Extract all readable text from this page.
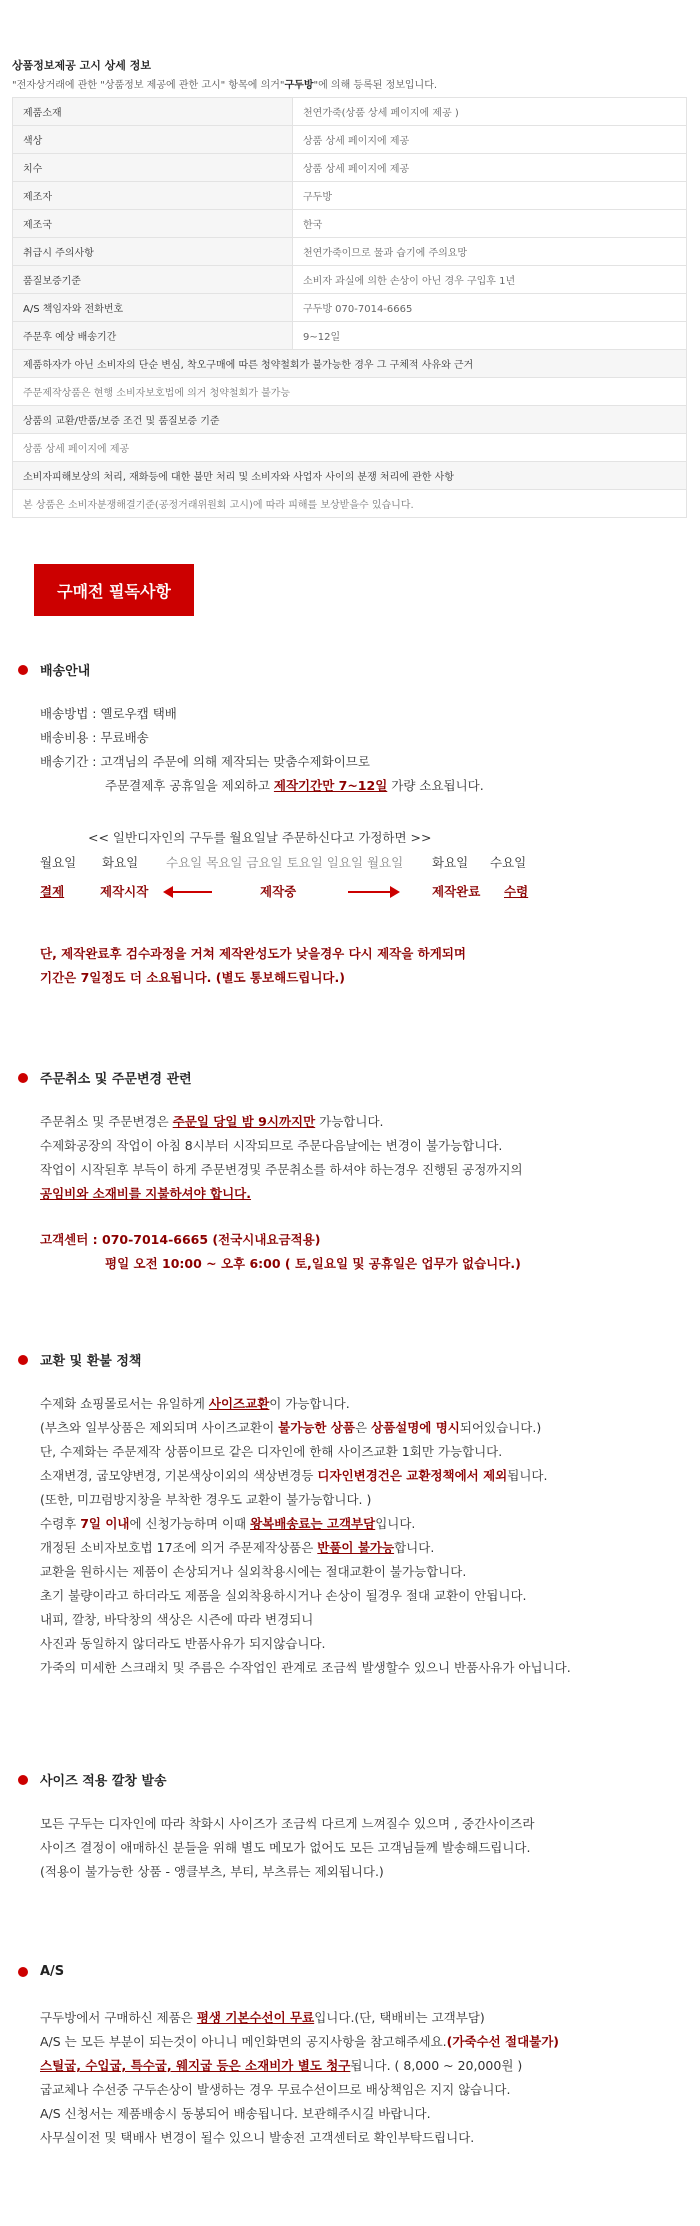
상품정보제공 고시 상세 정보
"전자상거래에 관한 "상품정보 제공에 관한 고시" 항목에 의거"구두방"에 의해 등록된 정보입니다.
제품소재	천연가죽(상품 상세 페이지에 제공 )
색상	상품 상세 페이지에 제공
치수	상품 상세 페이지에 제공
제조자	구두방
제조국	한국
취급시 주의사항	천연가죽이므로 물과 습기에 주의요망
품질보증기준	소비자 과실에 의한 손상이 아닌 경우 구입후 1년
A/S 책임자와 전화번호	구두방 070-7014-6665
주문후 예상 배송기간	9~12일
제품하자가 아닌 소비자의 단순 변심, 착오구매에 따른 청약철회가 불가능한 경우 그 구체적 사유와 근거	
주문제작상품은 현행 소비자보호법에 의거 청약철회가 불가능	
상품의 교환/반품/보증 조건 및 품질보증 기준	
상품 상세 페이지에 제공	
소비자피해보상의 처리, 재화등에 대한 불만 처리 및 소비자와 사업자 사이의 분쟁 처리에 관한 사항	
본 상품은 소비자분쟁해결기준(공정거래위원회 고시)에 따라 피해를 보상받을수 있습니다.	
구매전 필독사항
배송안내
배송방법 : 옐로우캡 택배
배송비용 : 무료배송
배송기간 : 고객님의 주문에 의해 제작되는 맞춤수제화이므로
주문결제후 공휴일을 제외하고 제작기간만 7~12일 가량 소요됩니다.
<< 일반디자인의 구두를 월요일날 주문하신다고 가정하면 >>
월요일 화요일 수요일 목요일 금요일 토요일 일요일 월요일 화요일 수요일
결제	제작시작	제작중	제작완료 수령
단, 제작완료후 검수과정을 거쳐 제작완성도가 낮을경우 다시 제작을 하게되며
기간은 7일정도 더 소요됩니다. (별도 통보해드립니다.)
주문취소 및 주문변경 관련
주문취소 및 주문변경은 주문일 당일 밤 9시까지만 가능합니다.
수제화공장의 작업이 아침 8시부터 시작되므로 주문다음날에는 변경이 불가능합니다.
작업이 시작된후 부득이 하게 주문변경및 주문취소를 하셔야 하는경우 진행된 공정까지의
공임비와 소재비를 지불하셔야 합니다.
고객센터 : 070-7014-6665 (전국시내요금적용)
평일 오전 10:00 ~ 오후 6:00 ( 토,일요일 및 공휴일은 업무가 없습니다.)
교환 및 환불 정책
수제화 쇼핑몰로서는 유일하게 사이즈교환이 가능합니다.
(부츠와 일부상품은 제외되며 사이즈교환이 불가능한 상품은 상품설명에 명시되어있습니다.)
단, 수제화는 주문제작 상품이므로 같은 디자인에 한해 사이즈교환 1회만 가능합니다.
소재변경, 굽모양변경, 기본색상이외의 색상변경등 디자인변경건은 교환정책에서 제외됩니다.
(또한, 미끄럼방지창을 부착한 경우도 교환이 불가능합니다. )
수령후 7일 이내에 신청가능하며 이때 왕복배송료는 고객부담입니다.
개정된 소비자보호법 17조에 의거 주문제작상품은 반품이 불가능합니다.
교환을 원하시는 제품이 손상되거나 실외착용시에는 절대교환이 불가능합니다.
초기 불량이라고 하더라도 제품을 실외착용하시거나 손상이 될경우 절대 교환이 안됩니다.
내피, 깔창, 바닥창의 색상은 시즌에 따라 변경되니
사진과 동일하지 않더라도 반품사유가 되지않습니다.
가죽의 미세한 스크래치 및 주름은 수작업인 관계로 조금씩 발생할수 있으니 반품사유가 아닙니다.
사이즈 적용 깔창 발송
모든 구두는 디자인에 따라 착화시 사이즈가 조금씩 다르게 느껴질수 있으며 , 중간사이즈라
사이즈 결정이 애매하신 분들을 위해 별도 메모가 없어도 모든 고객님들께 발송해드립니다.
(적용이 불가능한 상품 - 앵클부츠, 부티, 부츠류는 제외됩니다.)
A/S
구두방에서 구매하신 제품은 평생 기본수선이 무료입니다.(단, 택배비는 고객부담)
A/S 는 모든 부분이 되는것이 아니니 메인화면의 공지사항을 참고해주세요.(가죽수선 절대불가)
스틸굽, 수입굽, 특수굽, 웨지굽 등은 소재비가 별도 청구됩니다. ( 8,000 ~ 20,000원 )
굽교체나 수선중 구두손상이 발생하는 경우 무료수선이므로 배상책임은 지지 않습니다.
A/S 신청서는 제품배송시 동봉되어 배송됩니다. 보관해주시길 바랍니다.
사무실이전 및 택배사 변경이 될수 있으니 발송전 고객센터로 확인부탁드립니다.
